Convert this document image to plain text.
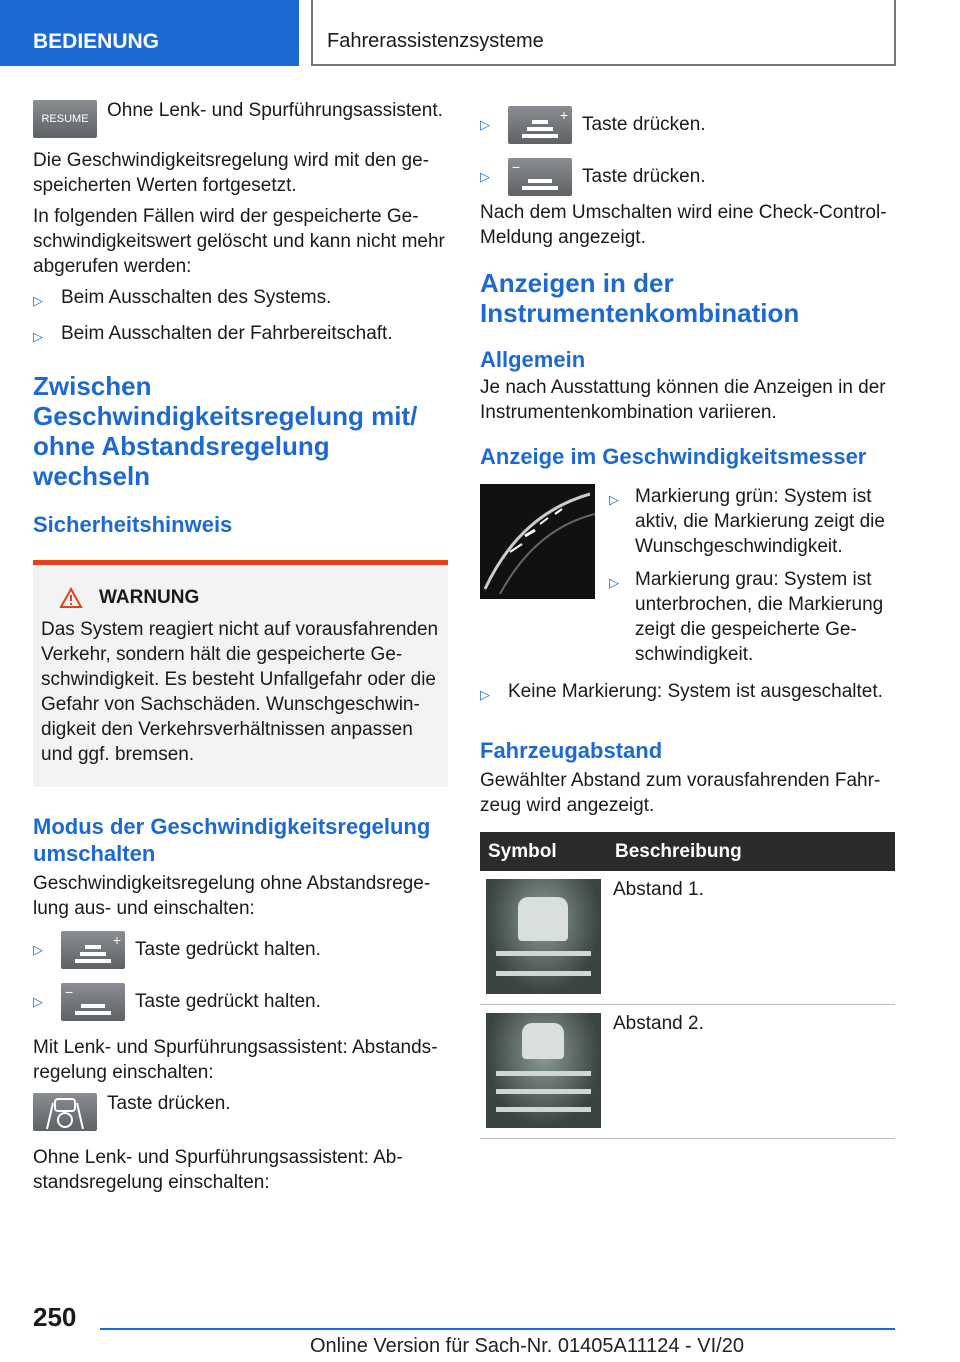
BEDIENUNG	Fahrerassistenzsysteme
RESUME Ohne Lenk- und Spurführungsassistent.

Die Geschwindigkeitsregelung wird mit den gespeicherten Werten fortgesetzt.

In folgenden Fällen wird der gespeicherte Geschwindigkeitswert gelöscht und kann nicht mehr abgerufen werden:

▷ Beim Ausschalten des Systems.
▷ Beim Ausschalten der Fahrbereitschaft.
Zwischen Geschwindigkeitsregelung mit/ ohne Abstandsregelung wechseln
Sicherheitshinweis
WARNUNG

Das System reagiert nicht auf vorausfahrenden Verkehr, sondern hält die gespeicherte Geschwindigkeit. Es besteht Unfallgefahr oder die Gefahr von Sachschäden. Wunschgeschwindigkeit den Verkehrsverhältnissen anpassen und ggf. bremsen.

Modus der Geschwindigkeitsregelung umschalten

Geschwindigkeitsregelung ohne Abstandsregelung aus- und einschalten:

▷
+ Taste gedrückt halten.
▷
−	Taste gedrückt halten.

Mit Lenk- und Spurführungsassistent: Abstandsregelung einschalten:

Taste drücken.

Ohne Lenk- und Spurführungsassistent: Abstandsregelung einschalten:

▷
+ Taste drücken.
▷
−	Taste drücken.

Nach dem Umschalten wird eine Check-Control-Meldung angezeigt.

Anzeigen in der Instrumentenkombination
Allgemein

Je nach Ausstattung können die Anzeigen in der Instrumentenkombination variieren.

Anzeige im Geschwindigkeitsmesser
▷ Markierung grün: System ist aktiv, die Markierung zeigt die Wunschgeschwindigkeit.
▷ Markierung grau: System ist unterbrochen, die Markierung zeigt die gespeicherte Geschwindigkeit.
▷ Keine Markierung: System ist ausgeschaltet.
Fahrzeugabstand

Gewählter Abstand zum vorausfahrenden Fahrzeug wird angezeigt.

Symbol	Beschreibung

	Abstand 1.

	Abstand 2.
250
Online Version für Sach-Nr. 01405A11124 - VI/20
